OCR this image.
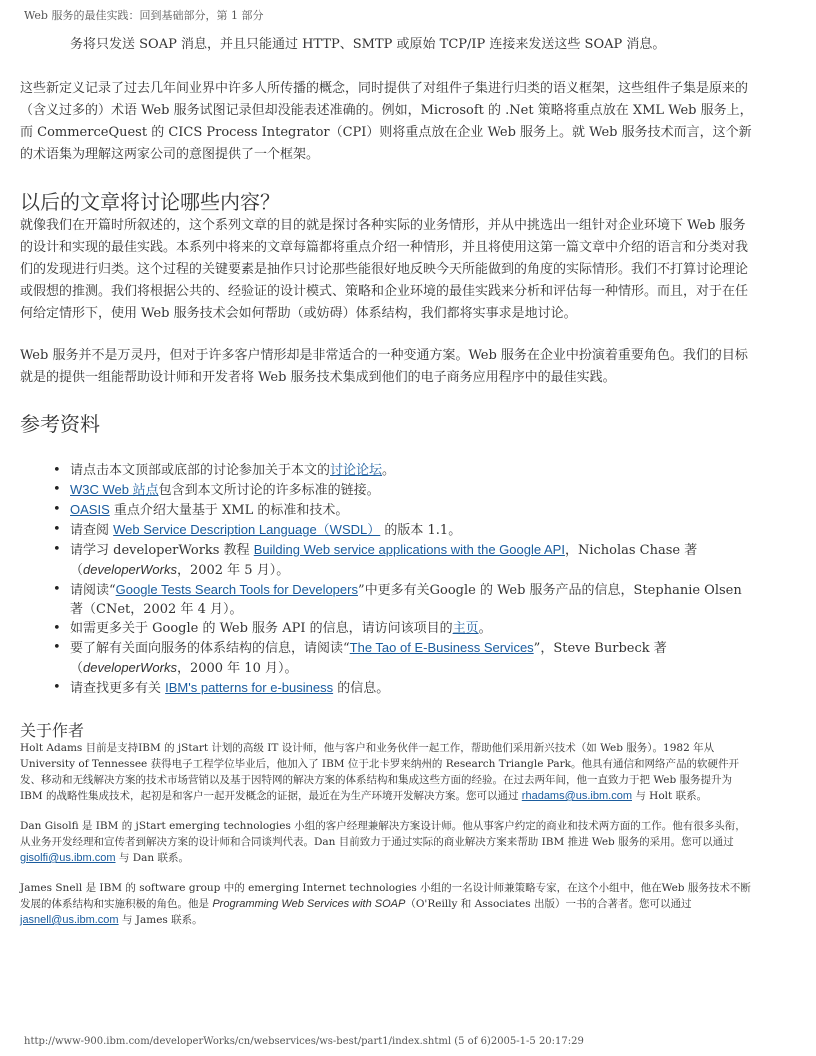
Web 服务的最佳实践：回到基础部分，第 1 部分

务将只发送 SOAP 消息，并且只能通过 HTTP、SMTP 或原始 TCP/IP 连接来发送这些 SOAP 消息。

这些新定义记录了过去几年间业界中许多人所传播的概念，同时提供了对组件子集进行归类的语义框架，这些组件子集是原来的（含义过多的）术语 Web 服务试图记录但却没能表述准确的。例如，Microsoft 的 .Net 策略将重点放在 XML Web 服务上，而 CommerceQuest 的 CICS Process Integrator（CPI）则将重点放在企业 Web 服务上。就 Web 服务技术而言，这个新的术语集为理解这两家公司的意图提供了一个框架。

以后的文章将讨论哪些内容？

就像我们在开篇时所叙述的，这个系列文章的目的就是探讨各种实际的业务情形，并从中挑选出一组针对企业环境下 Web 服务的设计和实现的最佳实践。本系列中将来的文章每篇都将重点介绍一种情形，并且将使用这第一篇文章中介绍的语言和分类对我们的发现进行归类。这个过程的关键要素是抽作只讨论那些能很好地反映今天所能做到的角度的实际情形。我们不打算讨论理论或假想的推测。我们将根据公共的、经验证的设计模式、策略和企业环境的最佳实践来分析和评估每一种情形。而且，对于在任何给定情形下，使用 Web 服务技术会如何帮助（或妨碍）体系结构，我们都将实事求是地讨论。

Web 服务并不是万灵丹，但对于许多客户情形却是非常适合的一种变通方案。Web 服务在企业中扮演着重要角色。我们的目标就是的提供一组能帮助设计师和开发者将 Web 服务技术集成到他们的电子商务应用程序中的最佳实践。

参考资料
• 请点击本文顶部或底部的讨论参加关于本文的讨论论坛。
• W3C Web 站点包含到本文所讨论的许多标准的链接。
• OASIS 重点介绍大量基于 XML 的标准和技术。
• 请查阅 Web Service Description Language（WSDL） 的版本 1.1。
• 请学习 developerWorks 教程 Building Web service applications with the Google API，Nicholas Chase 著（developerWorks，2002 年 5 月）。
• 请阅读“Google Tests Search Tools for Developers”中更多有关Google 的 Web 服务产品的信息，Stephanie Olsen 著（CNet，2002 年 4 月）。
• 如需更多关于 Google 的 Web 服务 API 的信息，请访问该项目的主页。
• 要了解有关面向服务的体系结构的信息，请阅读“The Tao of E-Business Services”，Steve Burbeck 著（developerWorks，2000 年 10 月）。
• 请查找更多有关 IBM's patterns for e-business 的信息。
关于作者

Holt Adams 目前是支持IBM 的 jStart 计划的高级 IT 设计师，他与客户和业务伙伴一起工作，帮助他们采用新兴技术（如 Web 服务）。1982 年从 University of Tennessee 获得电子工程学位毕业后，他加入了 IBM 位于北卡罗来纳州的 Research Triangle Park。他具有通信和网络产品的软硬件开发、移动和无线解决方案的技术市场营销以及基于因特网的解决方案的体系结构和集成这些方面的经验。在过去两年间，他一直致力于把 Web 服务提升为 IBM 的战略性集成技术，起初是和客户一起开发概念的证据，最近在为生产环境开发解决方案。您可以通过 rhadams@us.ibm.com 与 Holt 联系。

Dan Gisolfi 是 IBM 的 jStart emerging technologies 小组的客户经理兼解决方案设计师。他从事客户约定的商业和技术两方面的工作。他有很多头衔，从业务开发经理和宣传者到解决方案的设计师和合同谈判代表。Dan 目前致力于通过实际的商业解决方案来帮助 IBM 推进 Web 服务的采用。您可以通过 gisolfi@us.ibm.com 与 Dan 联系。

James Snell 是 IBM 的 software group 中的 emerging Internet technologies 小组的一名设计师兼策略专家，在这个小组中，他在Web 服务技术不断发展的体系结构和实施积极的角色。他是 Programming Web Services with SOAP（O'Reilly 和 Associates 出版）一书的合著者。您可以通过jasnell@us.ibm.com 与 James 联系。

http://www-900.ibm.com/developerWorks/cn/webservices/ws-best/part1/index.shtml (5 of 6)2005-1-5 20:17:29
